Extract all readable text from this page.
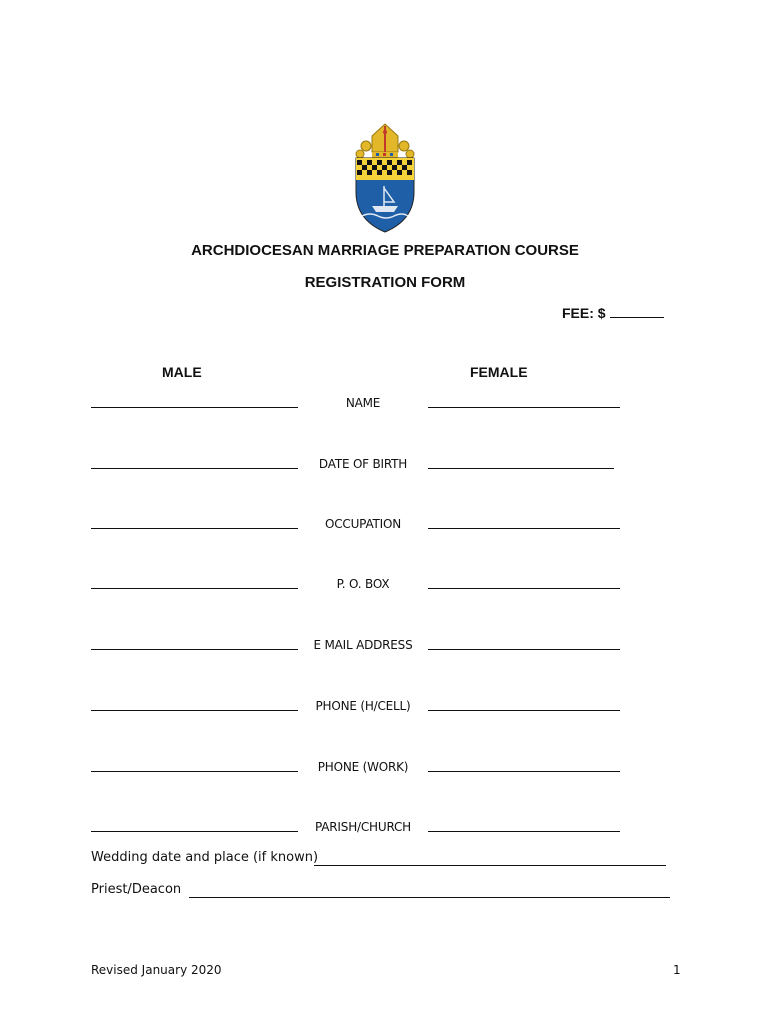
ARCHDIOCESAN MARRIAGE PREPARATION COURSE
REGISTRATION FORM
FEE: $
MALE	FEMALE
NAME
DATE OF BIRTH
OCCUPATION
P. O. BOX
E MAIL ADDRESS
PHONE (H/CELL)
PHONE (WORK)
PARISH/CHURCH
Wedding date and place (if known)
Priest/Deacon
Revised January 2020	1
